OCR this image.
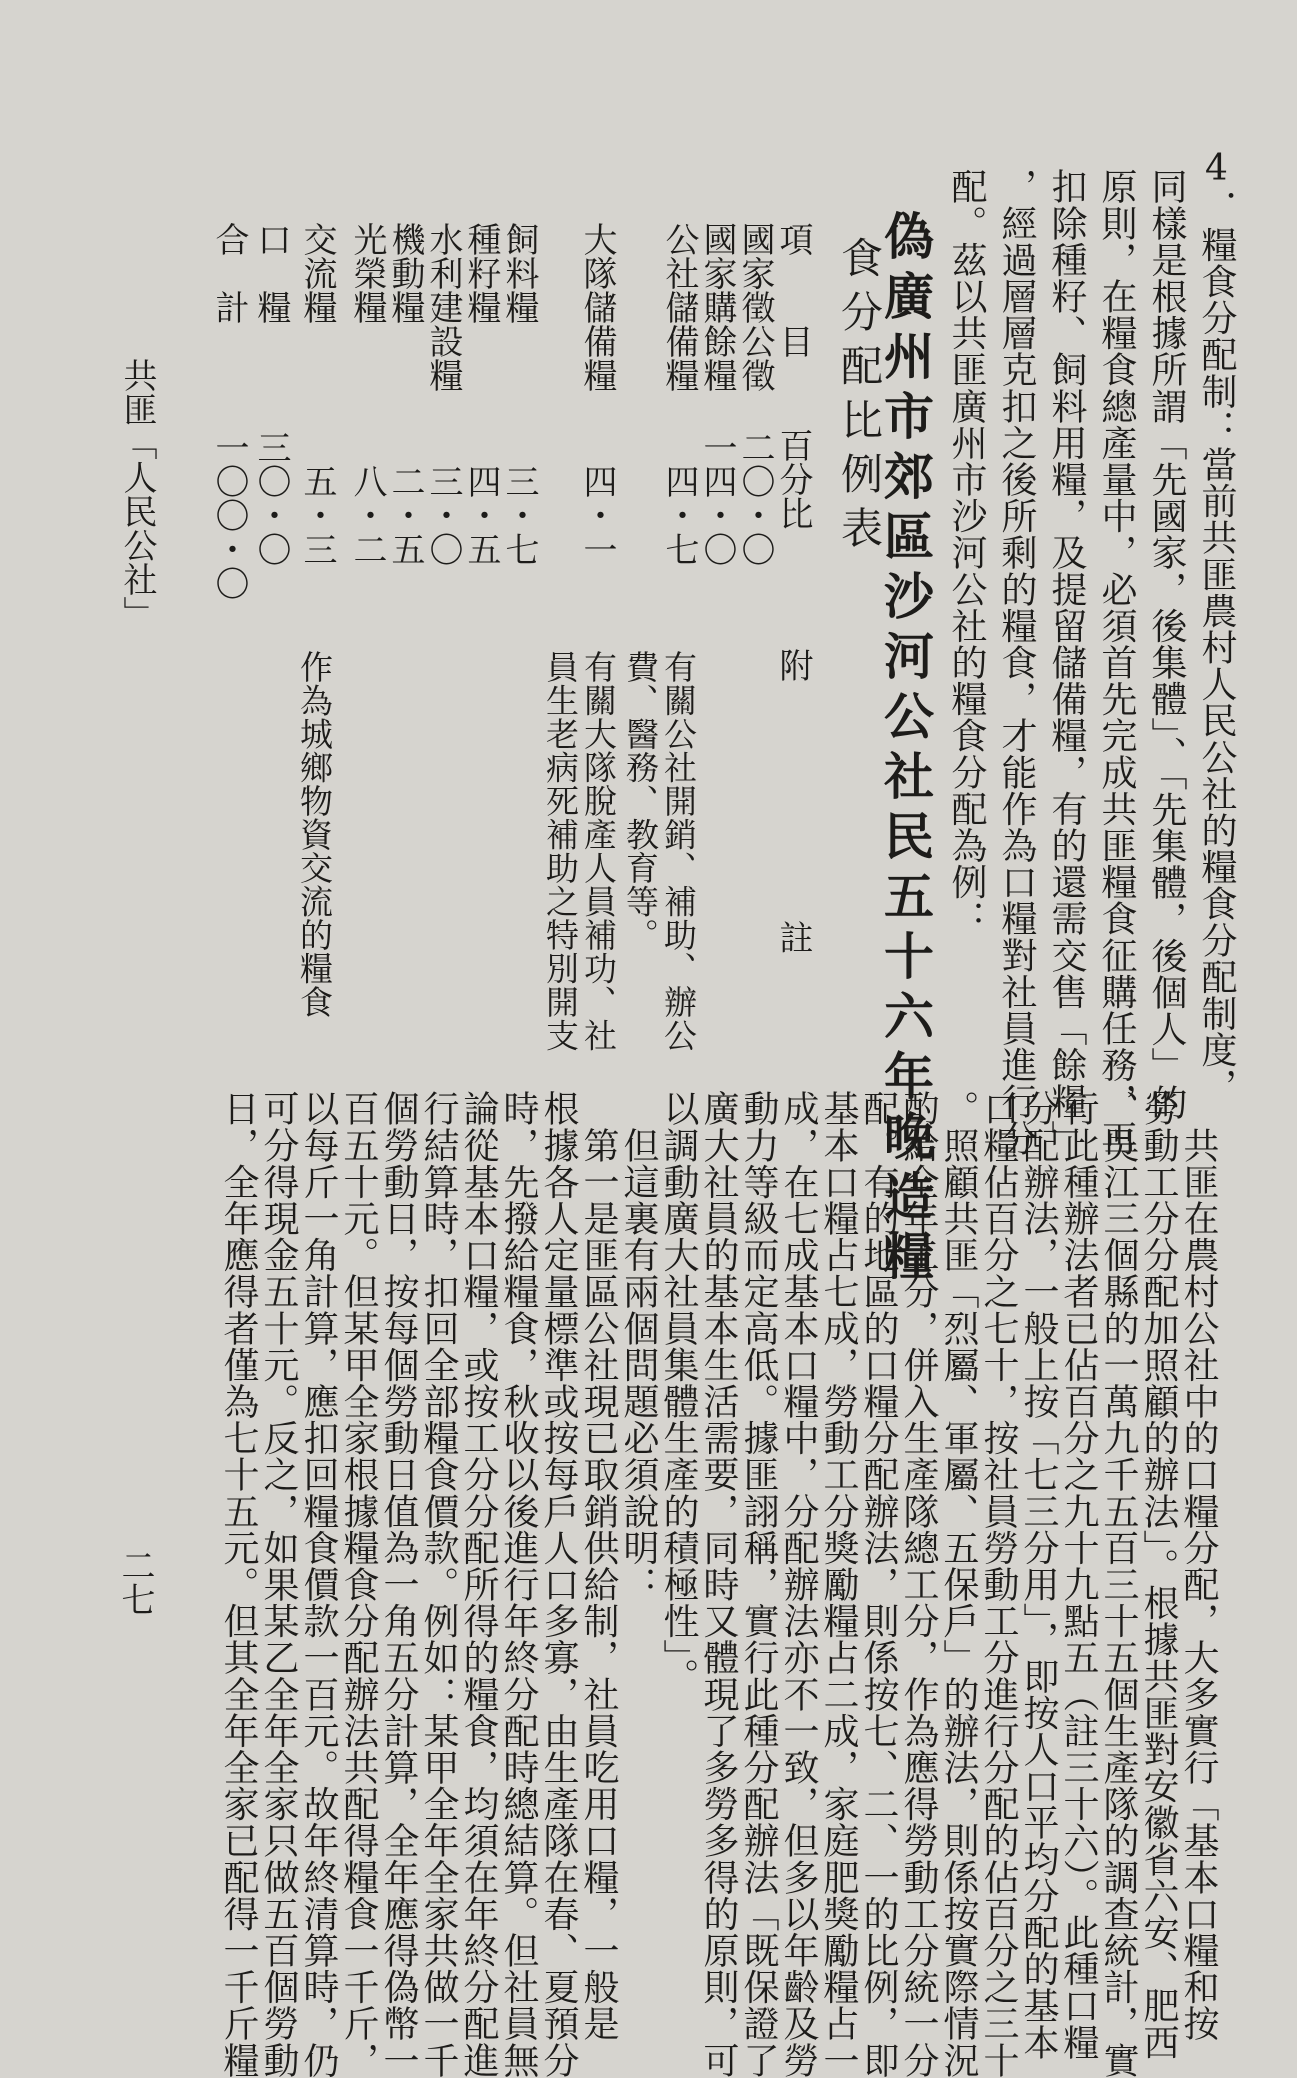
4．糧食分配制：當前共匪農村人民公社的糧食分配制度，
同樣是根據所謂「先國家，後集體」、「先集體，後個人」的
原則，在糧食總產量中，必須首先完成共匪糧食征購任務，再
扣除種籽、飼料用糧，及提留儲備糧，有的還需交售「餘糧」
，經過層層克扣之後所剩的糧食，才能作為口糧對社員進行分
配。茲以共匪廣州市沙河公社的糧食分配為例：
偽廣州市郊區沙河公社民五十六年晚造糧
食分配比例表
項　　目
百分比
附　　　　　　　註
國家徵公徵
二〇・〇
國家購餘糧
一四・〇
公社儲備糧
四・七
有關公社開銷、補助、辦公
費、醫務、教育等。
大隊儲備糧
四・一
有關大隊脫產人員補功、社
員生老病死補助之特別開支
飼料糧
三・七
種籽糧
四・五
水利建設糧
三・〇
機動糧
二・五
光榮糧
八・二
交流糧
五・三
作為城鄉物資交流的糧食
口　糧
三〇・〇
合　計
一〇〇・〇
　共匪在農村公社中的口糧分配，大多實行「基本口糧和按
勞動工分分配加照顧的辦法」。根據共匪對安徽省六安、肥西
、吳江三個縣的一萬九千五百三十五個生產隊的調查統計，實
行此種辦法者已佔百分之九十九點五（註三十六）。此種口糧
分配辦法，一般上按「七三分用」，即按人口平均分配的基本
口糧佔百分之七十，按社員勞動工分進行分配的佔百分之三十
。照顧共匪「烈屬、軍屬、五保戶」的辦法，則係按實際情況
酌給全年工分，併入生產隊總工分，作為應得勞動工分統一分
配。有的地區的口糧分配辦法，則係按七、二、一的比例，即
基本口糧占七成，勞動工分獎勵糧占二成，家庭肥獎勵糧占一
成，在七成基本口糧中，分配辦法亦不一致，但多以年齡及勞
動力等級而定高低。據匪詡稱，實行此種分配辦法「既保證了
廣大社員的基本生活需要，同時又體現了多勞多得的原則，可
以調動廣大社員集體生產的積極性」。
　但這裏有兩個問題必須說明：
　第一是匪區公社現已取銷供給制，社員吃用口糧，一般是
根據各人定量標準或按每戶人口多寡，由生產隊在春、夏預分
時，先撥給糧食，秋收以後進行年終分配時總結算。但社員無
論從基本口糧，或按工分分配所得的糧食，均須在年終分配進
行結算時，扣回全部糧食價款。例如：某甲全年全家共做一千
個勞動日，按每個勞動日值為一角五分計算，全年應得偽幣一
百五十元。但某甲全家根據糧食分配辦法共配得糧食一千斤，
以每斤一角計算，應扣回糧食價款一百元。故年終清算時，仍
可分得現金五十元。反之，如果某乙全年全家只做五百個勞動
日，全年應得者僅為七十五元。但其全年全家已配得一千斤糧
共匪「人民公社」
二七
